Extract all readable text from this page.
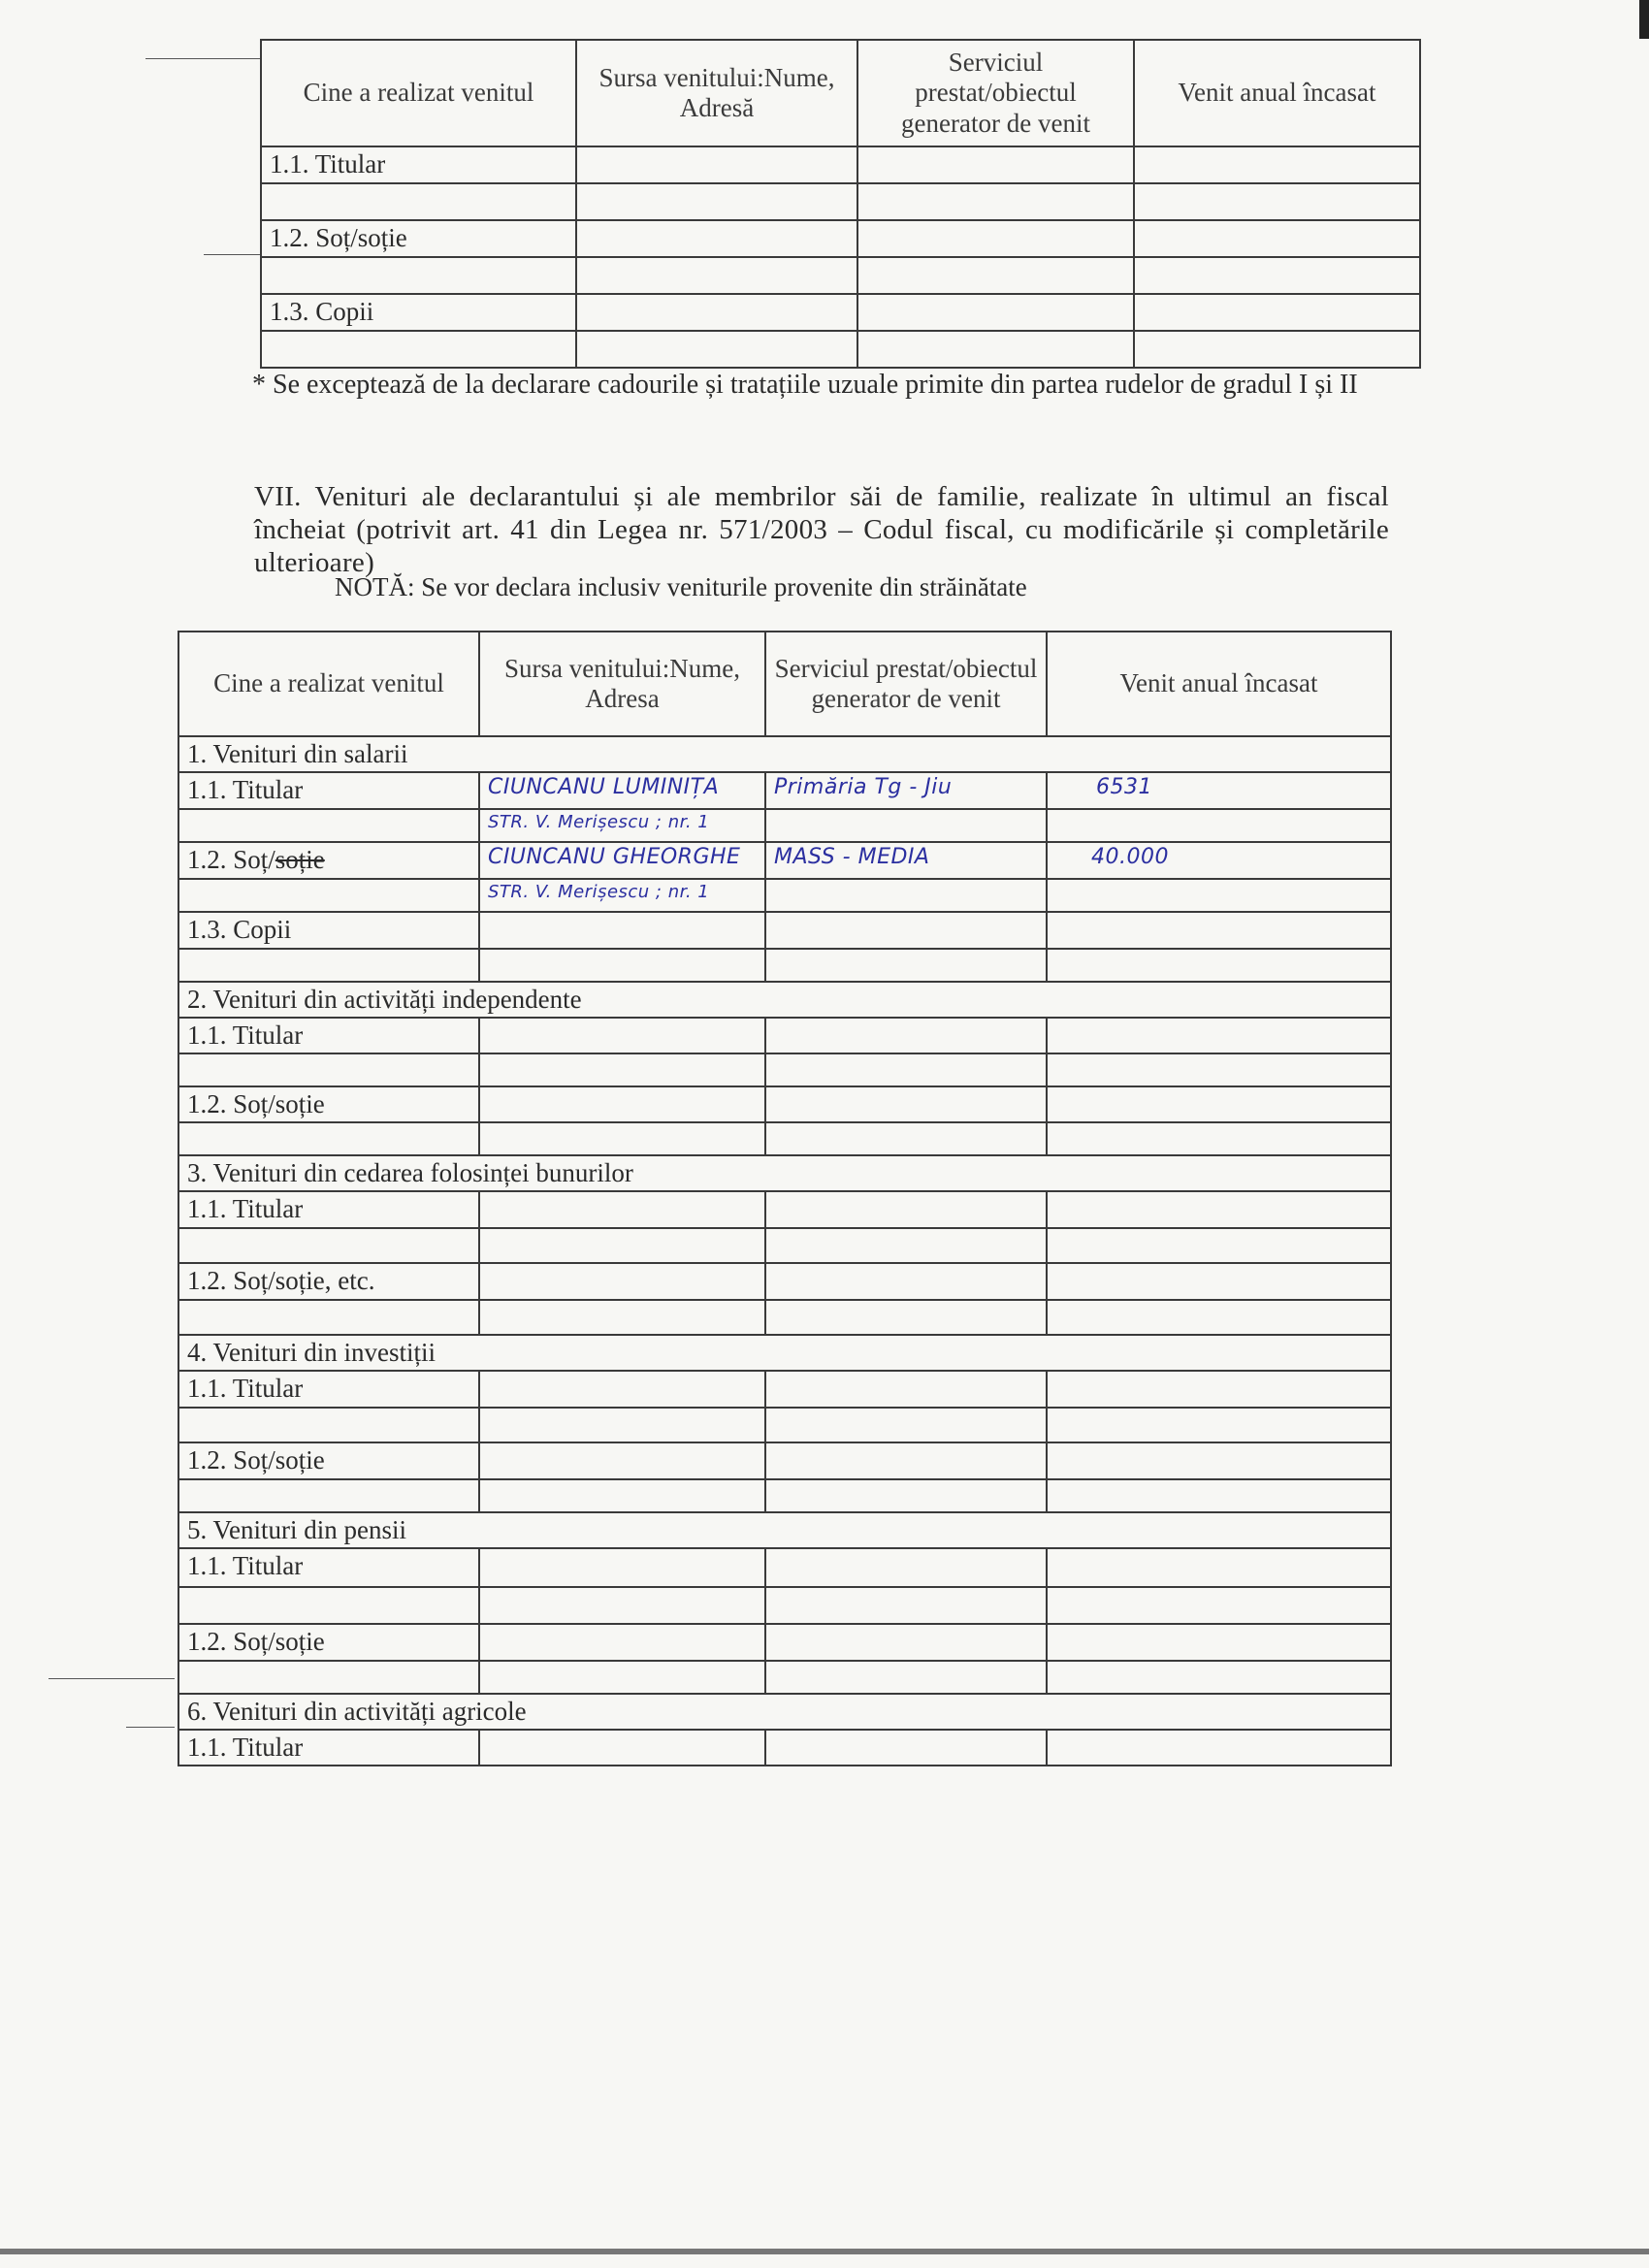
Cine a realizat venitul	Sursa venitului:Nume, Adresă	Serviciul prestat/obiectul generator de venit	Venit anual încasat
1.1. Titular			

1.2. Soț/soție			

1.3. Copii			

* Se exceptează de la declarare cadourile și tratațiile uzuale primite din partea rudelor de gradul I și II
VII. Venituri ale declarantului și ale membrilor săi de familie, realizate în ultimul an fiscal încheiat (potrivit art. 41 din Legea nr. 571/2003 – Codul fiscal, cu modificările și completările ulterioare)
NOTĂ: Se vor declara inclusiv veniturile provenite din străinătate
Cine a realizat venitul	Sursa venitului:Nume, Adresa	Serviciul prestat/obiectul generator de venit	Venit anual încasat
1. Venituri din salarii			
1.1. Titular	CIUNCANU LUMINIȚA	Primăria Tg - Jiu	6531
	STR. V. Merișescu ; nr. 1		
1.2. Soț/soție	CIUNCANU GHEORGHE	MASS - MEDIA	40.000
	STR. V. Merișescu ; nr. 1		
1.3. Copii			

2. Venituri din activități independente			
1.1. Titular			

1.2. Soț/soție			

3. Venituri din cedarea folosinței bunurilor			
1.1. Titular			

1.2. Soț/soție, etc.			

4. Venituri din investiții			
1.1. Titular			

1.2. Soț/soție			

5. Venituri din pensii			
1.1. Titular			

1.2. Soț/soție			

6. Venituri din activități agricole			
1.1. Titular			
